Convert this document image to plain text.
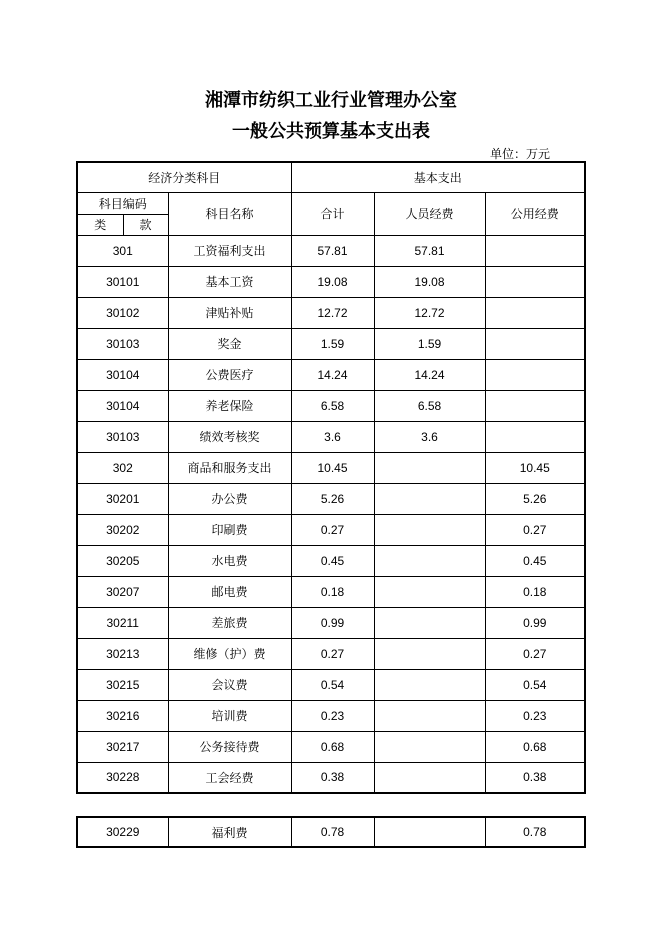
湘潭市纺织工业行业管理办公室
一般公共预算基本支出表
单位：万元
经济分类科目			基本支出		
科目编码		科目名称	合计	人员经费	公用经费
类	款				
301		工资福利支出	57.81	57.81	
30101		基本工资	19.08	19.08	
30102		津贴补贴	12.72	12.72	
30103		奖金	1.59	1.59	
30104		公费医疗	14.24	14.24	
30104		养老保险	6.58	6.58	
30103		绩效考核奖	3.6	3.6	
302		商品和服务支出	10.45		10.45
30201		办公费	5.26		5.26
30202		印刷费	0.27		0.27
30205		水电费	0.45		0.45
30207		邮电费	0.18		0.18
30211		差旅费	0.99		0.99
30213		维修（护）费	0.27		0.27
30215		会议费	0.54		0.54
30216		培训费	0.23		0.23
30217		公务接待费	0.68		0.68
30228		工会经费	0.38		0.38
30229	福利费	0.78		0.78
